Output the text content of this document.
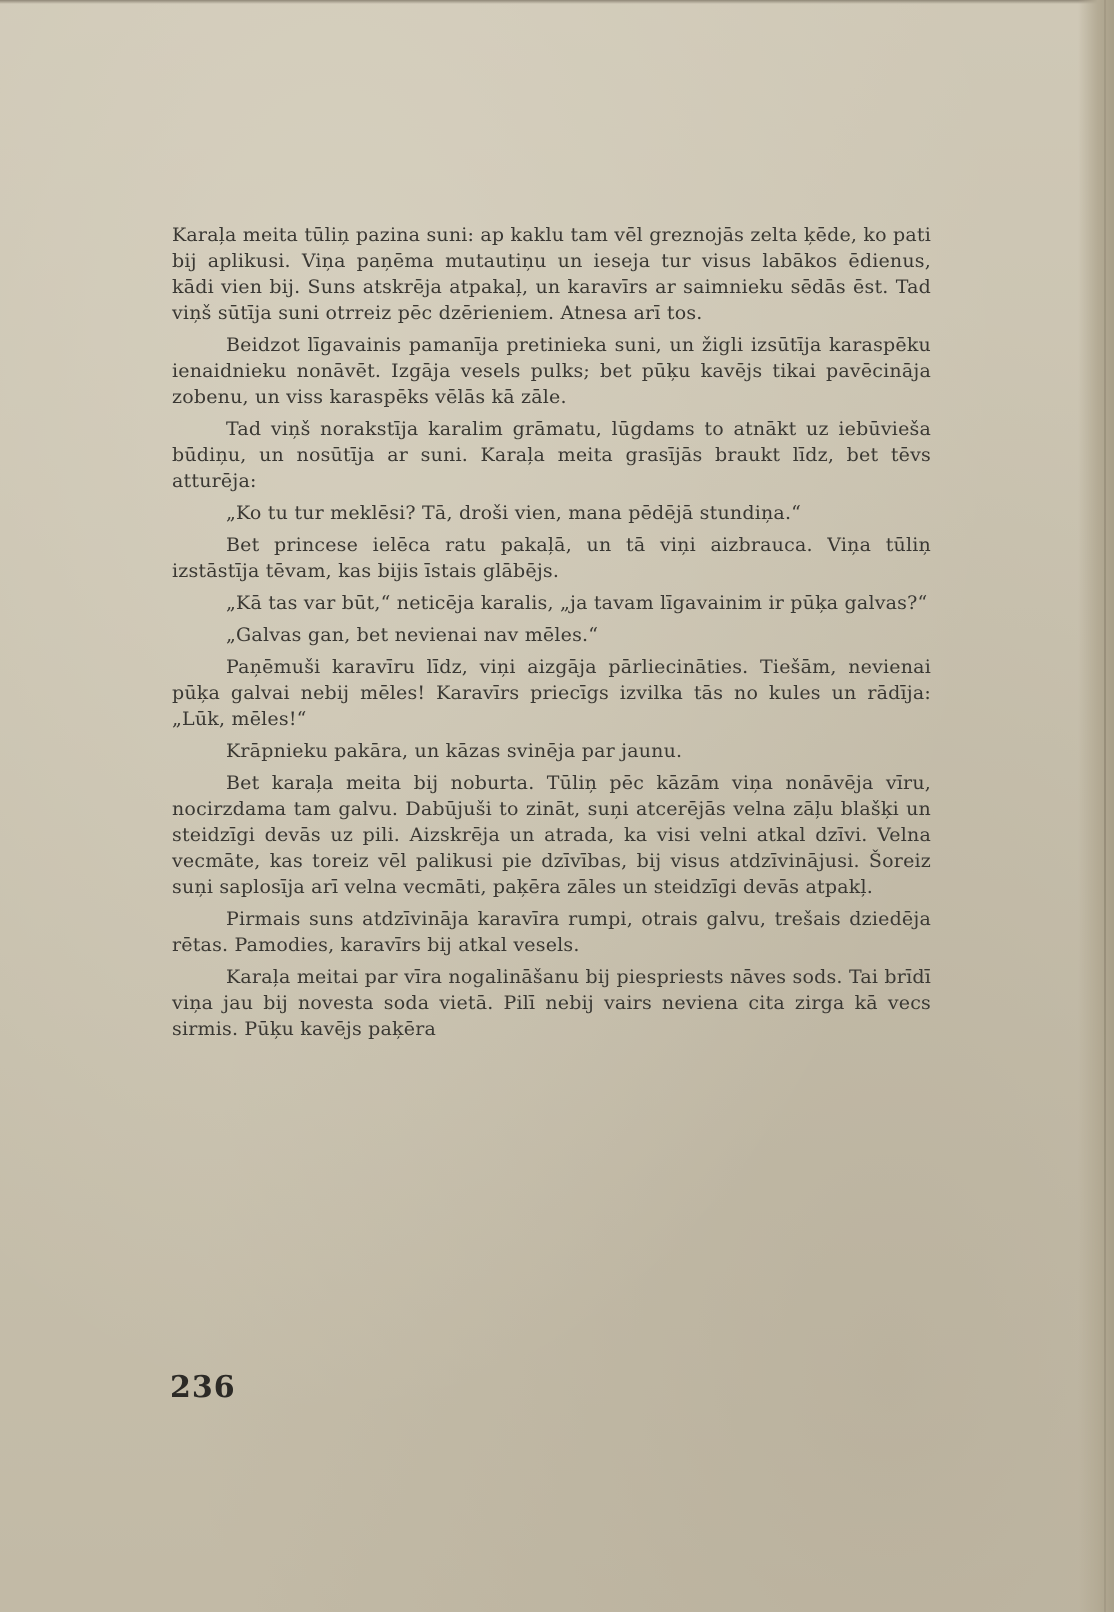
Karaļa meita tūliņ pazina suni: ap kaklu tam vēl greznojās zelta ķēde, ko pati bij aplikusi. Viņa paņēma mutautiņu un ieseja tur visus labākos ēdienus, kādi vien bij. Suns atskrēja atpakaļ, un karavīrs ar saimnieku sēdās ēst. Tad viņš sūtīja suni otrreiz pēc dzērieniem. Atnesa arī tos.

Beidzot līgavainis pamanīja pretinieka suni, un žigli izsūtīja karaspēku ienaidnieku nonāvēt. Izgāja vesels pulks; bet pūķu kavējs tikai pavēcināja zobenu, un viss karaspēks vēlās kā zāle.

Tad viņš norakstīja karalim grāmatu, lūgdams to atnākt uz iebūvieša būdiņu, un nosūtīja ar suni. Karaļa meita grasījās braukt līdz, bet tēvs atturēja:

„Ko tu tur meklēsi? Tā, droši vien, mana pēdējā stundiņa.“

Bet princese ielēca ratu pakaļā, un tā viņi aizbrauca. Viņa tūliņ izstāstīja tēvam, kas bijis īstais glābējs.

„Kā tas var būt,“ neticēja karalis, „ja tavam līgavainim ir pūķa galvas?“

„Galvas gan, bet nevienai nav mēles.“

Paņēmuši karavīru līdz, viņi aizgāja pārliecināties. Tiešām, nevienai pūķa galvai nebij mēles! Karavīrs priecīgs izvilka tās no kules un rādīja: „Lūk, mēles!“

Krāpnieku pakāra, un kāzas svinēja par jaunu.

Bet karaļa meita bij noburta. Tūliņ pēc kāzām viņa nonāvēja vīru, nocirzdama tam galvu. Dabūjuši to zināt, suņi atcerējās velna zāļu blašķi un steidzīgi devās uz pili. Aizskrēja un atrada, ka visi velni atkal dzīvi. Velna vecmāte, kas toreiz vēl palikusi pie dzīvības, bij visus atdzīvinājusi. Šoreiz suņi saplosīja arī velna vecmāti, paķēra zāles un steidzīgi devās atpakļ.

Pirmais suns atdzīvināja karavīra rumpi, otrais galvu, trešais dziedēja rētas. Pamodies, karavīrs bij atkal vesels.

Karaļa meitai par vīra nogalināšanu bij piespriests nāves sods. Tai brīdī viņa jau bij novesta soda vietā. Pilī nebij vairs neviena cita zirga kā vecs sirmis. Pūķu kavējs paķēra

236
